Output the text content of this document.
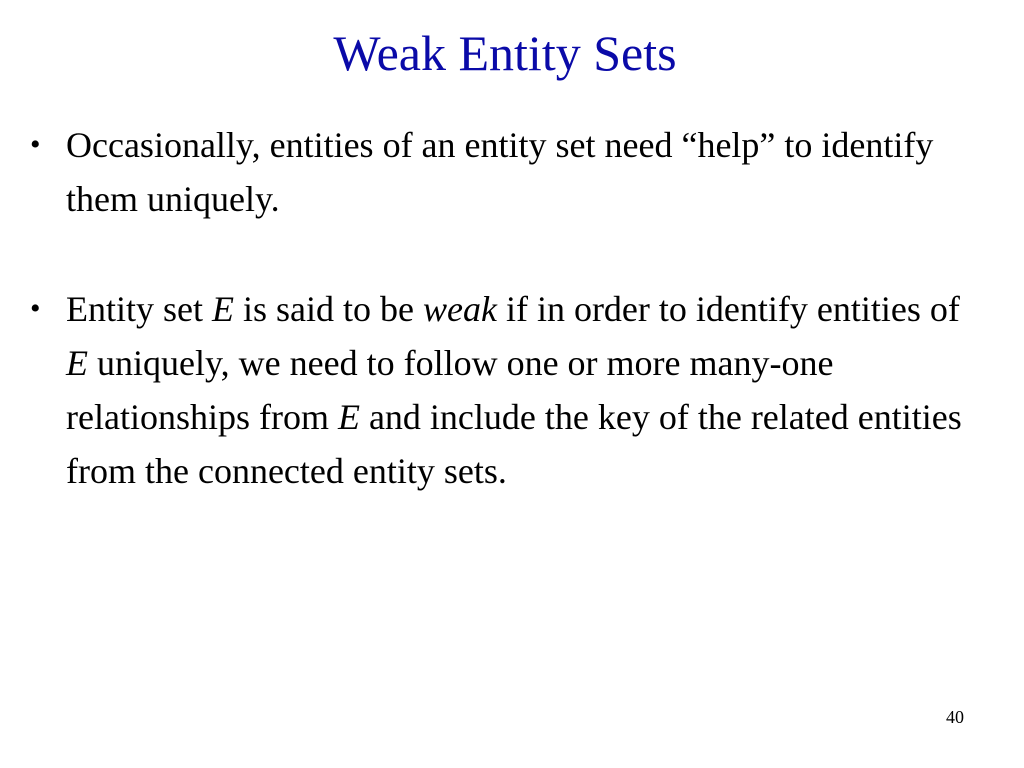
Weak Entity Sets
• Occasionally, entities of an entity set need “help” to identify them uniquely.
• Entity set E is said to be weak if in order to identify entities of E uniquely, we need to follow one or more many-one relationships from E and include the key of the related entities from the connected entity sets.
40
